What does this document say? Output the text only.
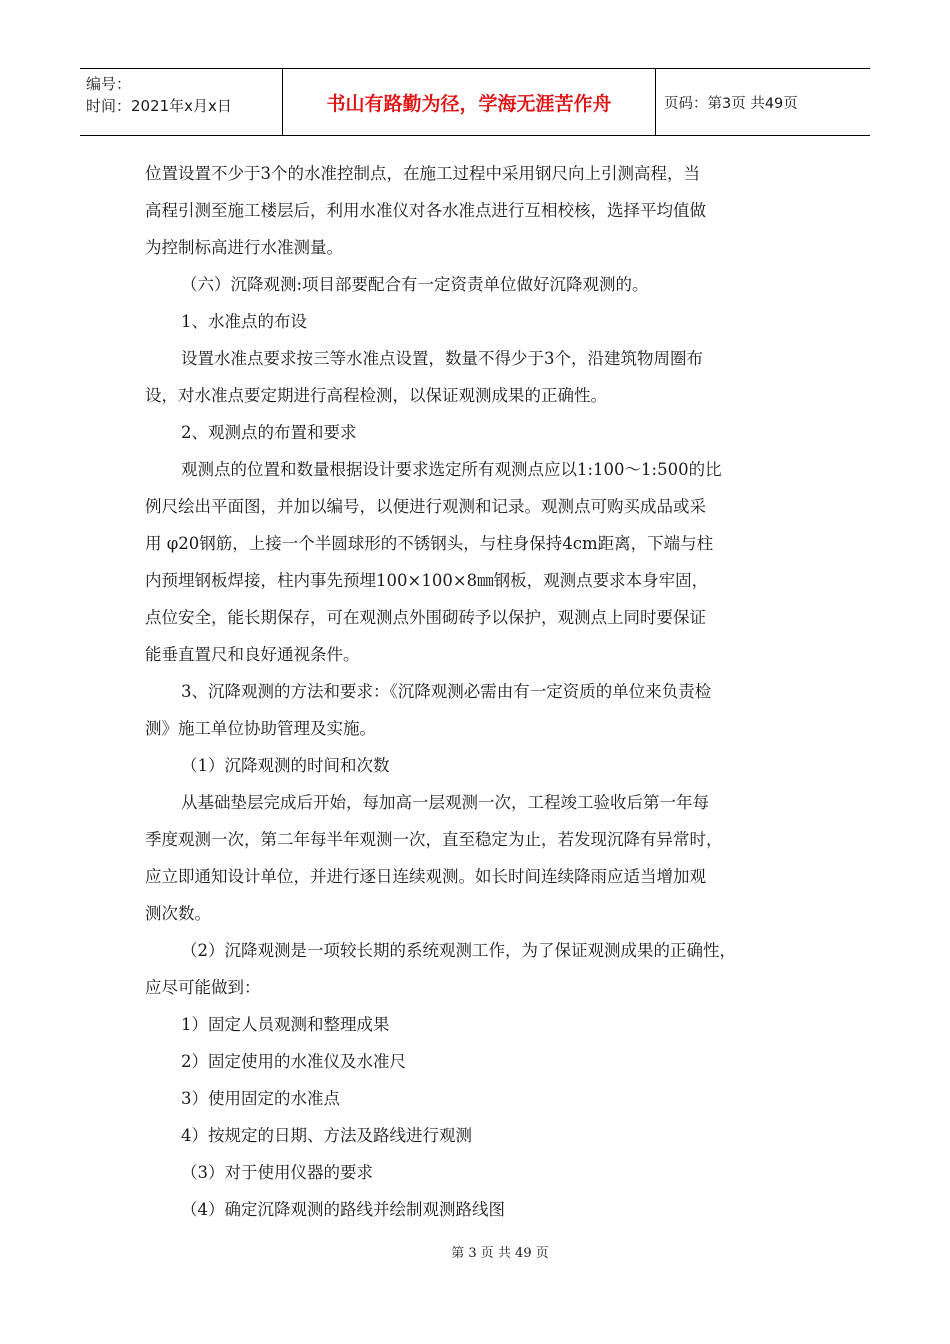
编号：
时间：2021年x月x日	书山有路勤为径，学海无涯苦作舟	页码：第3页 共49页

位置设置不少于3个的水准控制点，在施工过程中采用钢尺向上引测高程，当

高程引测至施工楼层后，利用水准仪对各水准点进行互相校核，选择平均值做

为控制标高进行水准测量。

（六）沉降观测:项目部要配合有一定资责单位做好沉降观测的。

1、水准点的布设

设置水准点要求按三等水准点设置，数量不得少于3个，沿建筑物周圈布

设，对水准点要定期进行高程检测，以保证观测成果的正确性。

2、观测点的布置和要求

观测点的位置和数量根据设计要求选定所有观测点应以1:100～1:500的比

例尺绘出平面图，并加以编号，以便进行观测和记录。观测点可购买成品或采

用 φ20钢筋，上接一个半圆球形的不锈钢头，与柱身保持4cm距离，下端与柱

内预埋钢板焊接，柱内事先预埋100×100×8㎜钢板，观测点要求本身牢固，

点位安全，能长期保存，可在观测点外围砌砖予以保护，观测点上同时要保证

能垂直置尺和良好通视条件。

3、沉降观测的方法和要求：《沉降观测必需由有一定资质的单位来负责检

测》施工单位协助管理及实施。

（1）沉降观测的时间和次数

从基础垫层完成后开始，每加高一层观测一次，工程竣工验收后第一年每

季度观测一次，第二年每半年观测一次，直至稳定为止，若发现沉降有异常时，

应立即通知设计单位，并进行逐日连续观测。如长时间连续降雨应适当增加观

测次数。

（2）沉降观测是一项较长期的系统观测工作，为了保证观测成果的正确性，

应尽可能做到：

1）固定人员观测和整理成果

2）固定使用的水准仪及水准尺

3）使用固定的水准点

4）按规定的日期、方法及路线进行观测

（3）对于使用仪器的要求

（4）确定沉降观测的路线并绘制观测路线图

第 3 页 共 49 页
